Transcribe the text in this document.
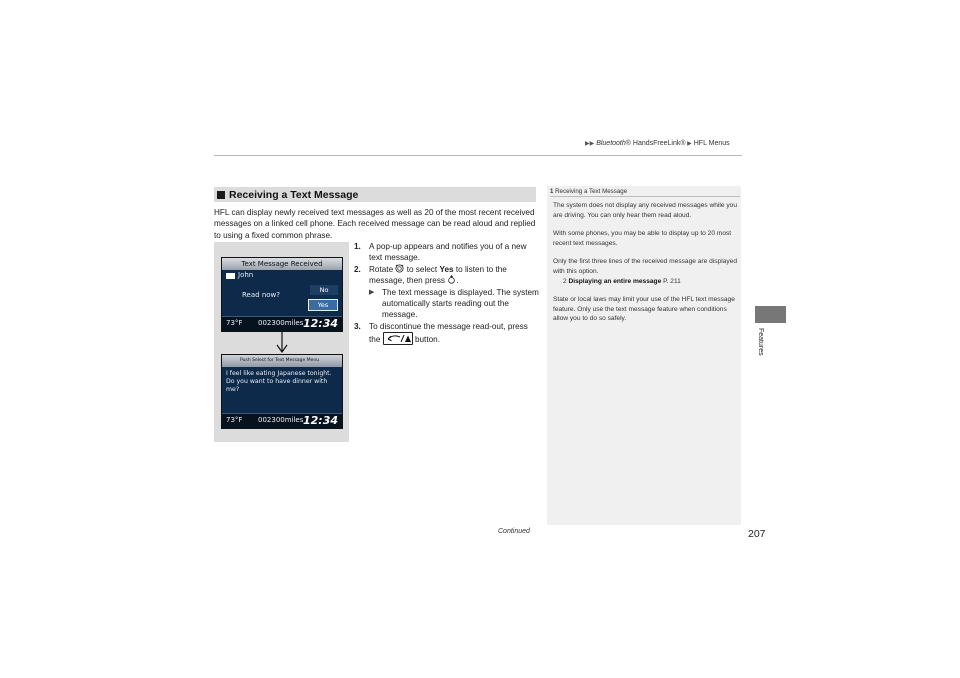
▶▶ Bluetooth® HandsFreeLink® ▶ HFL Menus
Features
Receiving a Text Message
HFL can display newly received text messages as well as 20 of the most recent received messages on a linked cell phone. Each received message can be read aloud and replied to using a fixed common phrase.
Text Message Received
John
Read now?
No
Yes
73°F 002300miles 12:34
Push Select for Text Message Menu
I feel like eating Japanese tonight. Do you want to have dinner with me?
73°F 002300miles 12:34
1. A pop-up appears and notifies you of a new text message.
2. Rotate to select Yes to listen to the message, then press .
▶ The text message is displayed. The system automatically starts reading out the message.
3. To discontinue the message read-out, press the	button.
1 Receiving a Text Message

The system does not display any received messages while you are driving. You can only hear them read aloud.

With some phones, you may be able to display up to 20 most recent text messages.

Only the first three lines of the received message are displayed with this option.

2 Displaying an entire message P. 211

State or local laws may limit your use of the HFL text message feature. Only use the text message feature when conditions allow you to do so safely.

Continued	207
